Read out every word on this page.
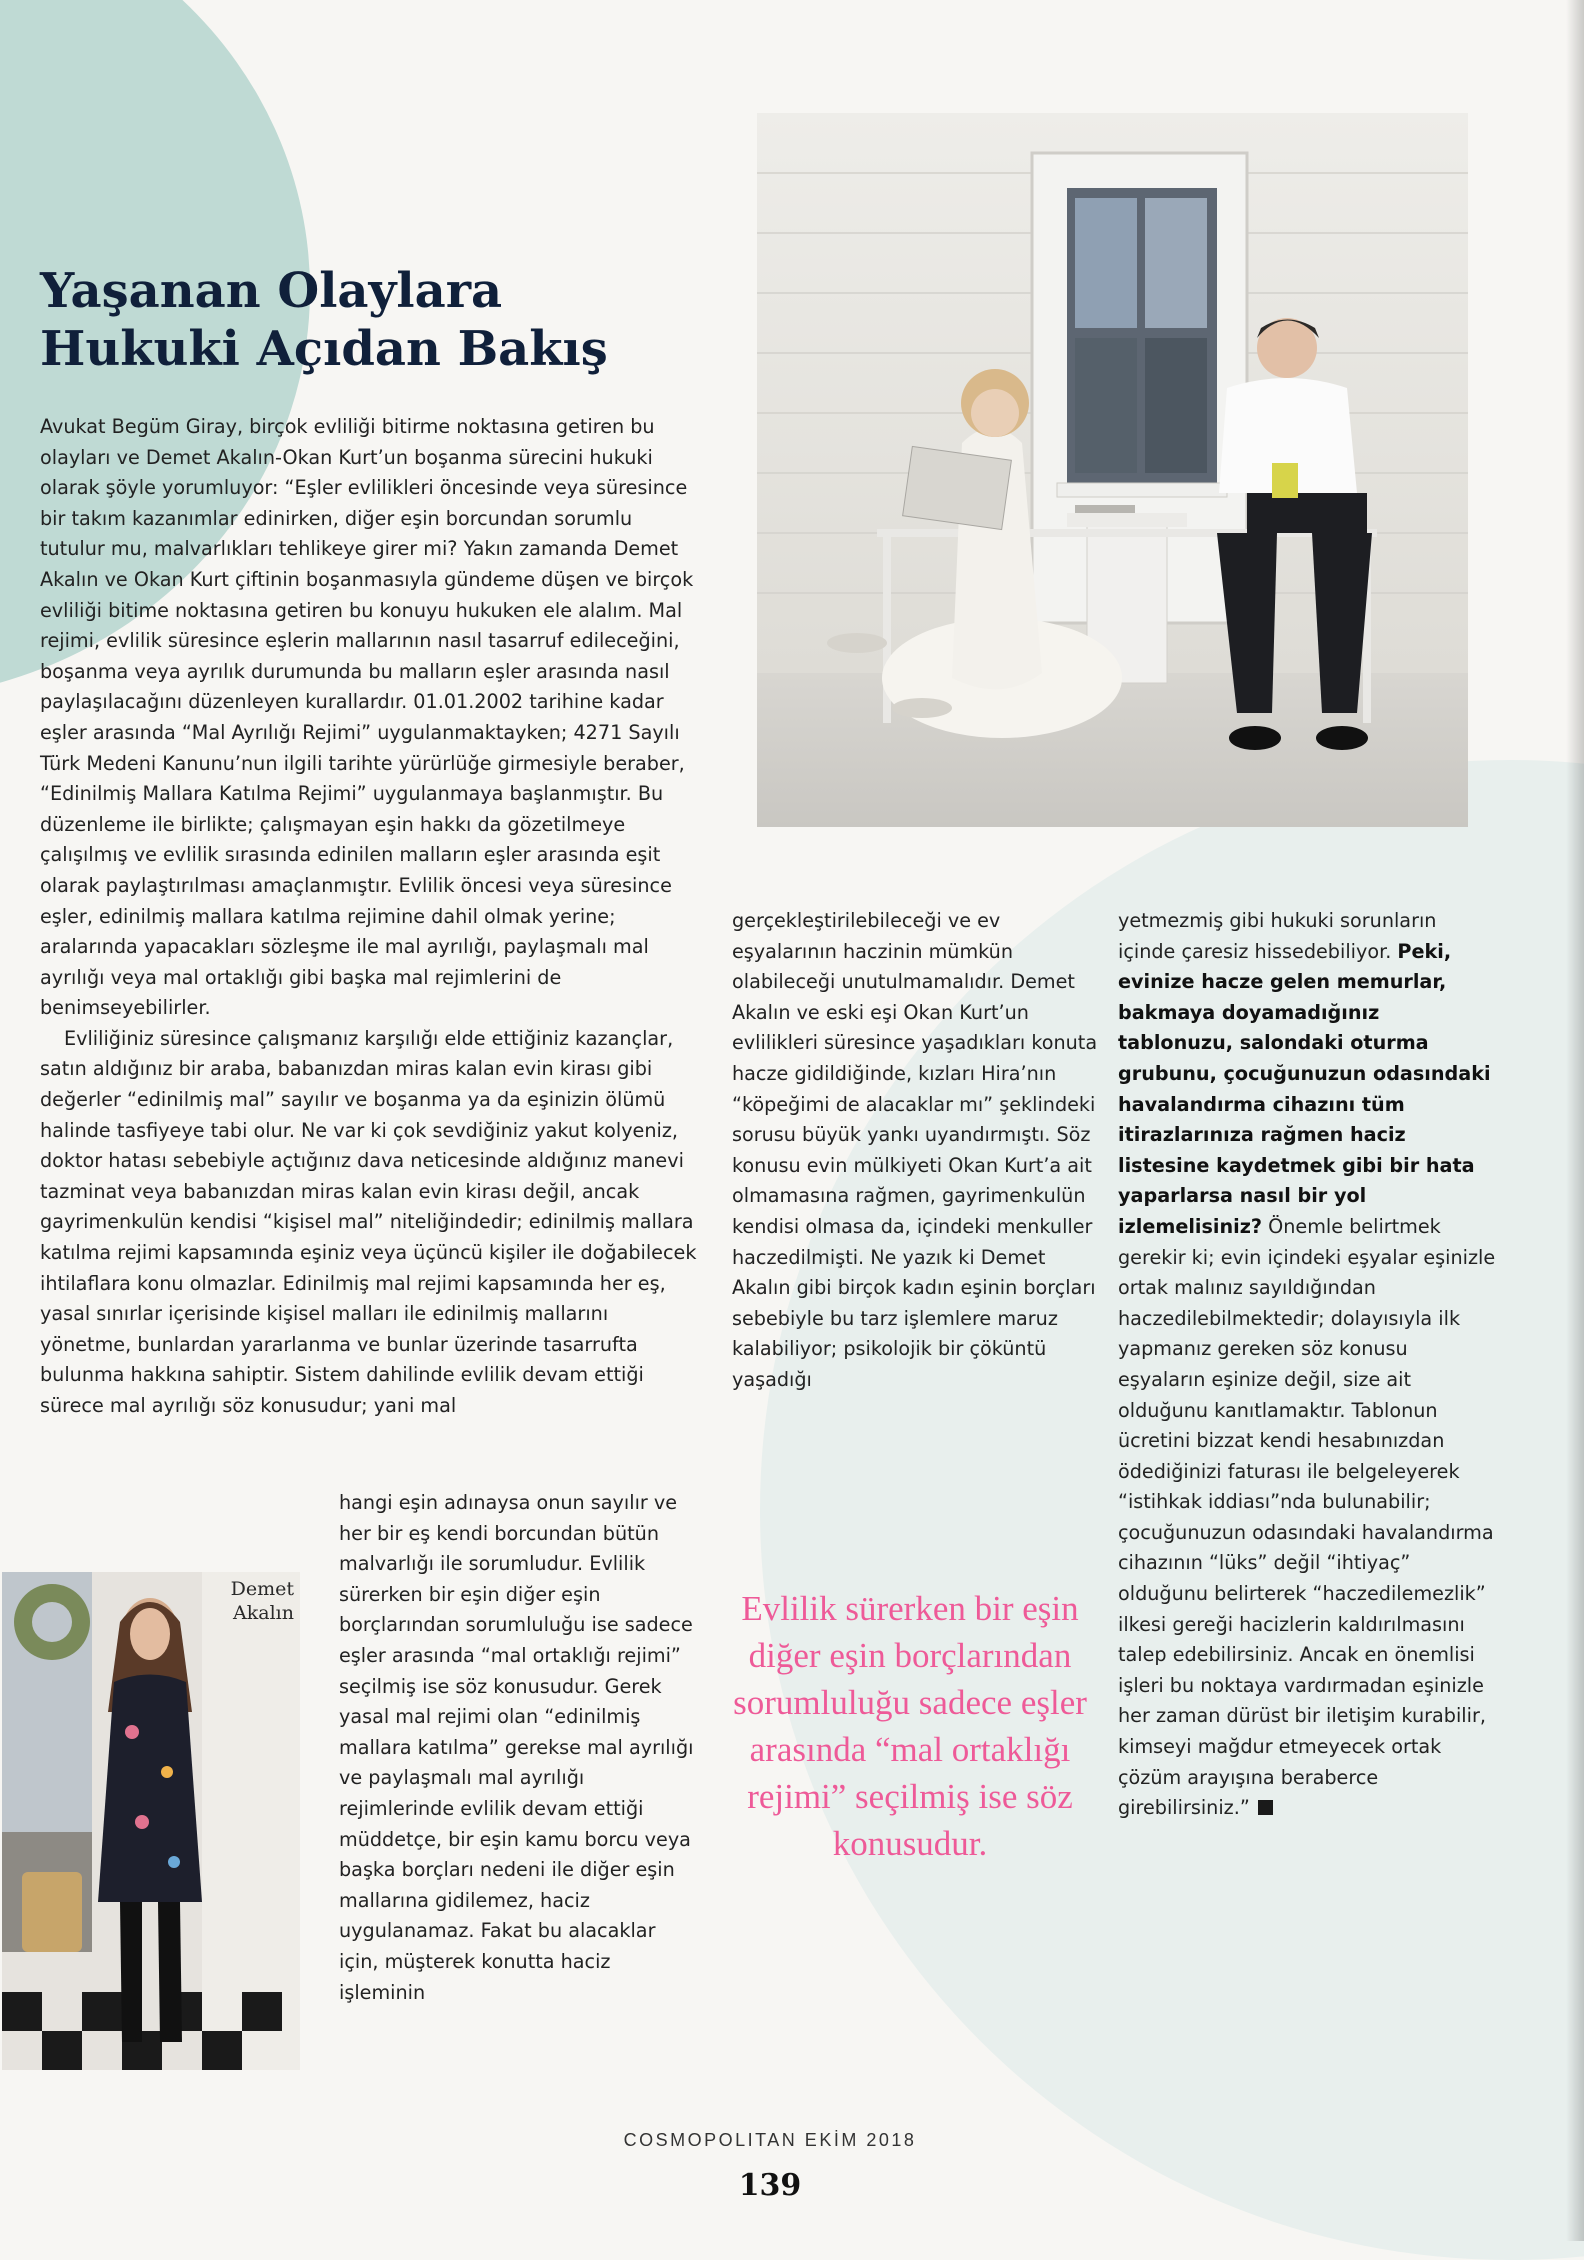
Yaşanan Olaylara
Hukuki Açıdan Bakış

Avukat Begüm Giray, birçok evliliği bitirme noktasına getiren bu olayları ve Demet Akalın-Okan Kurt’un boşanma sürecini hukuki olarak şöyle yorumluyor: “Eşler evlilikleri öncesinde veya süresince bir takım kazanımlar edinirken, diğer eşin borcundan sorumlu tutulur mu, malvarlıkları tehlikeye girer mi? Yakın zamanda Demet Akalın ve Okan Kurt çiftinin boşanmasıyla gündeme düşen ve birçok evliliği bitime noktasına getiren bu konuyu hukuken ele alalım. Mal rejimi, evlilik süresince eşlerin mallarının nasıl tasarruf edileceğini, boşanma veya ayrılık durumunda bu malların eşler arasında nasıl paylaşılacağını düzenleyen kurallardır. 01.01.2002 tarihine kadar eşler arasında “Mal Ayrılığı Rejimi” uygulanmaktayken; 4271 Sayılı Türk Medeni Kanunu’nun ilgili tarihte yürürlüğe girmesiyle beraber, “Edinilmiş Mallara Katılma Rejimi” uygulanmaya başlanmıştır. Bu düzenleme ile birlikte; çalışmayan eşin hakkı da gözetilmeye çalışılmış ve evlilik sırasında edinilen malların eşler arasında eşit olarak paylaştırılması amaçlanmıştır. Evlilik öncesi veya süresince eşler, edinilmiş mallara katılma rejimine dahil olmak yerine; aralarında yapacakları sözleşme ile mal ayrılığı, paylaşmalı mal ayrılığı veya mal ortaklığı gibi başka mal rejimlerini de benimseyebilirler.

Evliliğiniz süresince çalışmanız karşılığı elde ettiğiniz kazançlar, satın aldığınız bir araba, babanızdan miras kalan evin kirası gibi değerler “edinilmiş mal” sayılır ve boşanma ya da eşinizin ölümü halinde tasfiyeye tabi olur. Ne var ki çok sevdiğiniz yakut kolyeniz, doktor hatası sebebiyle açtığınız dava neticesinde aldığınız manevi tazminat veya babanızdan miras kalan evin kirası değil, ancak gayrimenkulün kendisi “kişisel mal” niteliğindedir; edinilmiş mallara katılma rejimi kapsamında eşiniz veya üçüncü kişiler ile doğabilecek ihtilaflara konu olmazlar. Edinilmiş mal rejimi kapsamında her eş, yasal sınırlar içerisinde kişisel malları ile edinilmiş mallarını yönetme, bunlardan yararlanma ve bunlar üzerinde tasarrufta bulunma hakkına sahiptir. Sistem dahilinde evlilik devam ettiği sürece mal ayrılığı söz konusudur; yani mal

Demet
Akalın

hangi eşin adınaysa onun sayılır ve her bir eş kendi borcundan bütün malvarlığı ile sorumludur. Evlilik sürerken bir eşin diğer eşin borçlarından sorumluluğu ise sadece eşler arasında “mal ortaklığı rejimi” seçilmiş ise söz konusudur. Gerek yasal mal rejimi olan “edinilmiş mallara katılma” gerekse mal ayrılığı ve paylaşmalı mal ayrılığı rejimlerinde evlilik devam ettiği müddetçe, bir eşin kamu borcu veya başka borçları nedeni ile diğer eşin mallarına gidilemez, haciz uygulanamaz. Fakat bu alacaklar için, müşterek konutta haciz işleminin

gerçekleştirilebileceği ve ev eşyalarının haczinin mümkün olabileceği unutulmamalıdır. Demet Akalın ve eski eşi Okan Kurt’un evlilikleri süresince yaşadıkları konuta hacze gidildiğinde, kızları Hira’nın “köpeğimi de alacaklar mı” şeklindeki sorusu büyük yankı uyandırmıştı. Söz konusu evin mülkiyeti Okan Kurt’a ait olmamasına rağmen, gayrimenkulün kendisi olmasa da, içindeki menkuller haczedilmişti. Ne yazık ki Demet Akalın gibi birçok kadın eşinin borçları sebebiyle bu tarz işlemlere maruz kalabiliyor; psikolojik bir çöküntü yaşadığı

Evlilik sürerken bir eşin diğer eşin borçlarından sorumluluğu sadece eşler arasında “mal ortaklığı rejimi” seçilmiş ise söz konusudur.

yetmezmiş gibi hukuki sorunların içinde çaresiz hissedebiliyor. Peki, evinize hacze gelen memurlar, bakmaya doyamadığınız tablonuzu, salondaki oturma grubunu, çocuğunuzun odasındaki havalandırma cihazını tüm itirazlarınıza rağmen haciz listesine kaydetmek gibi bir hata yaparlarsa nasıl bir yol izlemelisiniz? Önemle belirtmek gerekir ki; evin içindeki eşyalar eşinizle ortak malınız sayıldığından haczedilebilmektedir; dolayısıyla ilk yapmanız gereken söz konusu eşyaların eşinize değil, size ait olduğunu kanıtlamaktır. Tablonun ücretini bizzat kendi hesabınızdan ödediğinizi faturası ile belgeleyerek “istihkak iddiası”nda bulunabilir; çocuğunuzun odasındaki havalandırma cihazının “lüks” değil “ihtiyaç” olduğunu belirterek “haczedilemezlik” ilkesi gereği hacizlerin kaldırılmasını talep edebilirsiniz. Ancak en önemlisi işleri bu noktaya vardırmadan eşinizle her zaman dürüst bir iletişim kurabilir, kimseyi mağdur etmeyecek ortak çözüm arayışına beraberce girebilirsiniz.”

COSMOPOLITAN EKİM 2018
139
